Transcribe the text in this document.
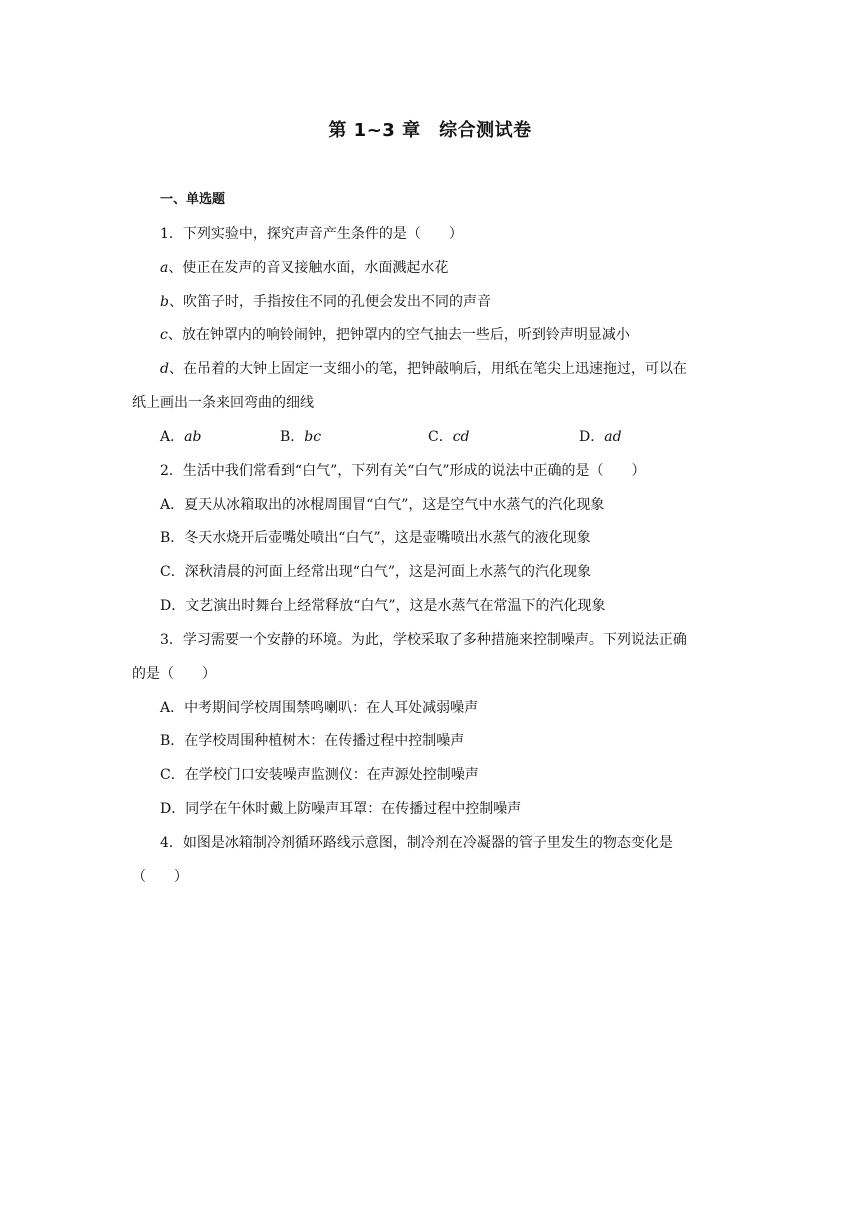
第 1~3 章　综合测试卷
一、单选题
1．下列实验中，探究声音产生条件的是（　　）
a、使正在发声的音叉接触水面，水面溅起水花
b、吹笛子时，手指按住不同的孔便会发出不同的声音
c、放在钟罩内的响铃闹钟，把钟罩内的空气抽去一些后，听到铃声明显减小
d、在吊着的大钟上固定一支细小的笔，把钟敲响后，用纸在笔尖上迅速拖过，可以在
纸上画出一条来回弯曲的细线
A．ab	B．bc	C．cd	D．ad
2．生活中我们常看到“白气”，下列有关“白气”形成的说法中正确的是（　　）
A．夏天从冰箱取出的冰棍周围冒“白气”，这是空气中水蒸气的汽化现象
B．冬天水烧开后壶嘴处喷出“白气”，这是壶嘴喷出水蒸气的液化现象
C．深秋清晨的河面上经常出现“白气”，这是河面上水蒸气的汽化现象
D．文艺演出时舞台上经常释放“白气”，这是水蒸气在常温下的汽化现象
3．学习需要一个安静的环境。为此，学校采取了多种措施来控制噪声。下列说法正确
的是（　　）
A．中考期间学校周围禁鸣喇叭：在人耳处减弱噪声
B．在学校周围种植树木：在传播过程中控制噪声
C．在学校门口安装噪声监测仪：在声源处控制噪声
D．同学在午休时戴上防噪声耳罩：在传播过程中控制噪声
4．如图是冰箱制冷剂循环路线示意图，制冷剂在冷凝器的管子里发生的物态变化是
（　　）
